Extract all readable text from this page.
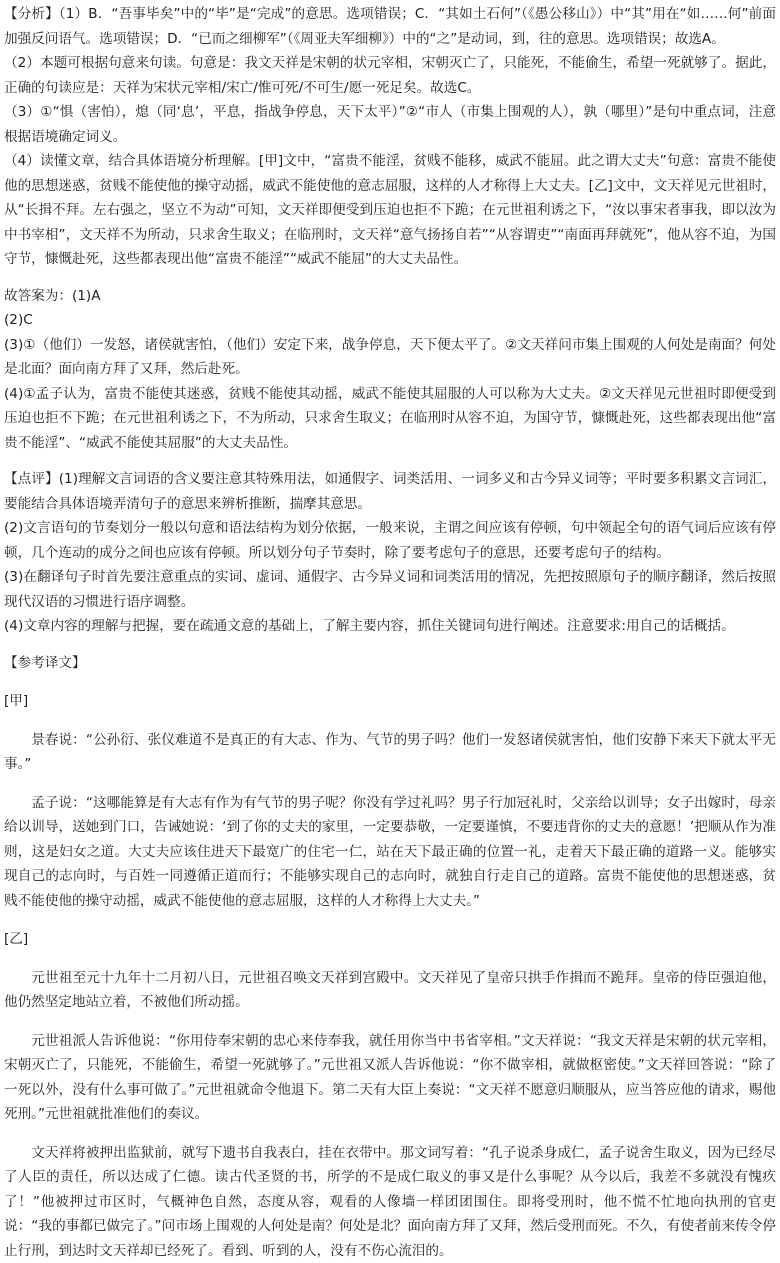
【分析】（1）B．“吾事毕矣”中的“毕”是“完成”的意思。选项错误；C．“其如土石何”（《愚公移山》）中“其”用在“如……何”前面加强反问语气。选项错误；D．“已而之细柳军”（《周亚夫军细柳》）中的“之”是动词，到，往的意思。选项错误；故选A。

（2）本题可根据句意来句读。句意是：我文天祥是宋朝的状元宰相，宋朝灭亡了，只能死，不能偷生，希望一死就够了。据此，正确的句读应是：天祥为宋状元宰相/宋亡/惟可死/不可生/愿一死足矣。故选C。

（3）①“惧（害怕），熄（同‘息’，平息，指战争停息，天下太平）”②“市人（市集上围观的人），孰（哪里）”是句中重点词，注意根据语境确定词义。

（4）读懂文章，结合具体语境分析理解。[甲]文中，“富贵不能淫，贫贱不能移，威武不能屈。此之谓大丈夫”句意：富贵不能使他的思想迷惑，贫贱不能使他的操守动摇，威武不能使他的意志屈服，这样的人才称得上大丈夫。[乙]文中，文天祥见元世祖时，从“长揖不拜。左右强之，坚立不为动”可知，文天祥即便受到压迫也拒不下跪；在元世祖利诱之下，“汝以事宋者事我，即以汝为中书宰相”，文天祥不为所动，只求舍生取义；在临刑时，文天祥“意气扬扬自若”“从容谓吏”“南面再拜就死”，他从容不迫，为国守节，慷慨赴死，这些都表现出他“富贵不能淫”“威武不能屈”的大丈夫品性。

故答案为：(1)A

(2)C

(3)①（他们）一发怒，诸侯就害怕，（他们）安定下来，战争停息，天下便太平了。②文天祥问市集上围观的人何处是南面？何处是北面？面向南方拜了又拜，然后赴死。

(4)①孟子认为，富贵不能使其迷惑，贫贱不能使其动摇，威武不能使其屈服的人可以称为大丈夫。②文天祥见元世祖时即便受到压迫也拒不下跪；在元世祖利诱之下，不为所动，只求舍生取义；在临刑时从容不迫，为国守节，慷慨赴死，这些都表现出他“富贵不能淫”、“威武不能使其屈服”的大丈夫品性。

【点评】(1)理解文言词语的含义要注意其特殊用法，如通假字、词类活用、一词多义和古今异义词等；平时要多积累文言词汇，要能结合具体语境弄清句子的意思来辨析推断，揣摩其意思。

(2)文言语句的节奏划分一般以句意和语法结构为划分依据，一般来说，主谓之间应该有停顿，句中领起全句的语气词后应该有停顿，几个连动的成分之间也应该有停顿。所以划分句子节奏时，除了要考虑句子的意思，还要考虑句子的结构。

(3)在翻译句子时首先要注意重点的实词、虚词、通假字、古今异义词和词类活用的情况，先把按照原句子的顺序翻译，然后按照现代汉语的习惯进行语序调整。

(4)文章内容的理解与把握，要在疏通文意的基础上，了解主要内容，抓住关键词句进行阐述。注意要求:用自己的话概括。

【参考译文】

[甲]

景春说：“公孙衍、张仪难道不是真正的有大志、作为、气节的男子吗？他们一发怒诸侯就害怕，他们安静下来天下就太平无事。”

孟子说：“这哪能算是有大志有作为有气节的男子呢？你没有学过礼吗？男子行加冠礼时，父亲给以训导；女子出嫁时，母亲给以训导，送她到门口，告诫她说：‘到了你的丈夫的家里，一定要恭敬，一定要谨慎，不要违背你的丈夫的意愿！’把顺从作为准则，这是妇女之道。大丈夫应该住进天下最宽广的住宅一仁，站在天下最正确的位置一礼，走着天下最正确的道路一义。能够实现自己的志向时，与百姓一同遵循正道而行；不能够实现自己的志向时，就独自行走自己的道路。富贵不能使他的思想迷惑，贫贱不能使他的操守动摇，威武不能使他的意志屈服，这样的人才称得上大丈夫。”

[乙]

元世祖至元十九年十二月初八日，元世祖召唤文天祥到宫殿中。文天祥见了皇帝只拱手作揖而不跪拜。皇帝的侍臣强迫他，他仍然坚定地站立着，不被他们所动摇。

元世祖派人告诉他说：“你用侍奉宋朝的忠心来侍奉我，就任用你当中书省宰相。”文天祥说：“我文天祥是宋朝的状元宰相，宋朝灭亡了，只能死，不能偷生，希望一死就够了。”元世祖又派人告诉他说：“你不做宰相，就做枢密使。”文天祥回答说：“除了一死以外，没有什么事可做了。”元世祖就命令他退下。第二天有大臣上奏说：“文天祥不愿意归顺服从，应当答应他的请求，赐他死刑。”元世祖就批准他们的奏议。

文天祥将被押出监狱前，就写下遗书自我表白，挂在衣带中。那文词写着：“孔子说杀身成仁，孟子说舍生取义，因为已经尽了人臣的责任，所以达成了仁德。读古代圣贤的书，所学的不是成仁取义的事又是什么事呢？从今以后，我差不多就没有愧疚了！”他被押过市区时，气概神色自然，态度从容，观看的人像墙一样团团围住。即将受刑时，他不慌不忙地向执刑的官吏说：“我的事都已做完了。”问市场上围观的人何处是南？何处是北？面向南方拜了又拜，然后受刑而死。不久，有使者前来传令停止行刑，到达时文天祥却已经死了。看到、听到的人，没有不伤心流泪的。
